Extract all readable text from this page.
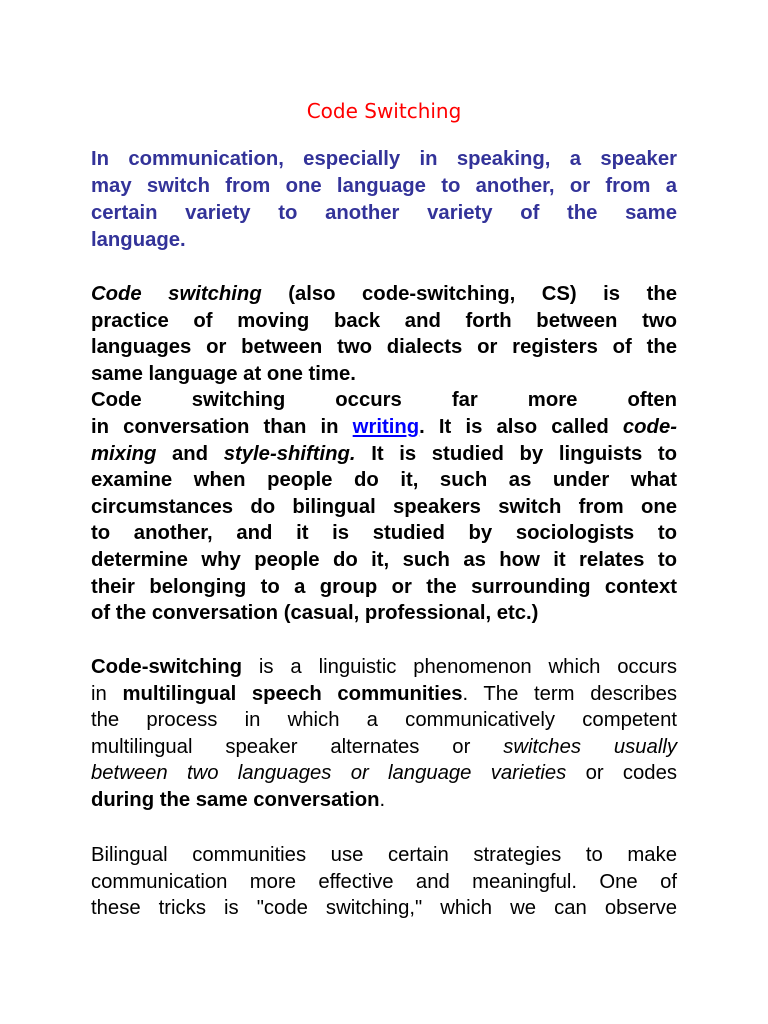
Code Switching

In communication, especially in speaking, a speaker
may switch from one language to another, or from a
certain variety to another variety of the same
language.

Code switching (also code-switching, CS) is the
practice of moving back and forth between two
languages or between two dialects or registers of the
same language at one time.
Code switching occurs far more often
in conversation than in writing. It is also called code-
mixing and style-shifting. It is studied by linguists to
examine when people do it, such as under what
circumstances do bilingual speakers switch from one
to another, and it is studied by sociologists to
determine why people do it, such as how it relates to
their belonging to a group or the surrounding context
of the conversation (casual, professional, etc.)

Code-switching is a linguistic phenomenon which occurs
in multilingual speech communities. The term describes
the process in which a communicatively competent
multilingual speaker alternates or switches usually
between two languages or language varieties or codes
during the same conversation.

Bilingual communities use certain strategies to make
communication more effective and meaningful. One of
these tricks is "code switching," which we can observe
